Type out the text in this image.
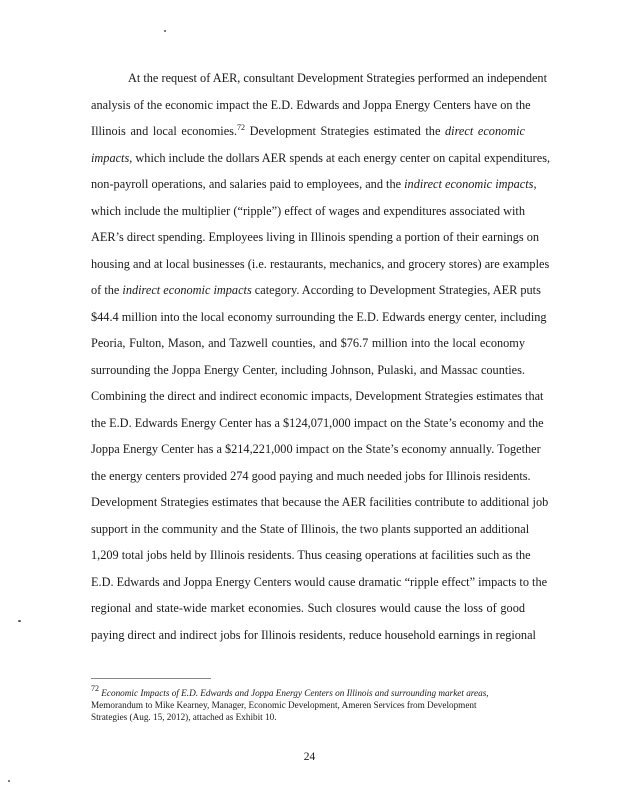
At the request of AER, consultant Development Strategies performed an independent
analysis of the economic impact the E.D. Edwards and Joppa Energy Centers have on the
Illinois and local economies.$^{72}$ Development Strategies estimated the direct economic
impacts, which include the dollars AER spends at each energy center on capital expenditures,
non-payroll operations, and salaries paid to employees, and the indirect economic impacts,
which include the multiplier (“ripple”) effect of wages and expenditures associated with
AER’s direct spending. Employees living in Illinois spending a portion of their earnings on
housing and at local businesses (i.e. restaurants, mechanics, and grocery stores) are examples
of the indirect economic impacts category. According to Development Strategies, AER puts
$44.4 million into the local economy surrounding the E.D. Edwards energy center, including
Peoria, Fulton, Mason, and Tazwell counties, and $76.7 million into the local economy
surrounding the Joppa Energy Center, including Johnson, Pulaski, and Massac counties.
Combining the direct and indirect economic impacts, Development Strategies estimates that
the E.D. Edwards Energy Center has a $124,071,000 impact on the State’s economy and the
Joppa Energy Center has a $214,221,000 impact on the State’s economy annually. Together
the energy centers provided 274 good paying and much needed jobs for Illinois residents.
Development Strategies estimates that because the AER facilities contribute to additional job
support in the community and the State of Illinois, the two plants supported an additional
1,209 total jobs held by Illinois residents. Thus ceasing operations at facilities such as the
E.D. Edwards and Joppa Energy Centers would cause dramatic “ripple effect” impacts to the
regional and state-wide market economies. Such closures would cause the loss of good
paying direct and indirect jobs for Illinois residents, reduce household earnings in regional
$^{72}$ Economic Impacts of E.D. Edwards and Joppa Energy Centers on Illinois and surrounding market areas,
Memorandum to Mike Kearney, Manager, Economic Development, Ameren Services from Development
Strategies (Aug. 15, 2012), attached as Exhibit 10.
24
